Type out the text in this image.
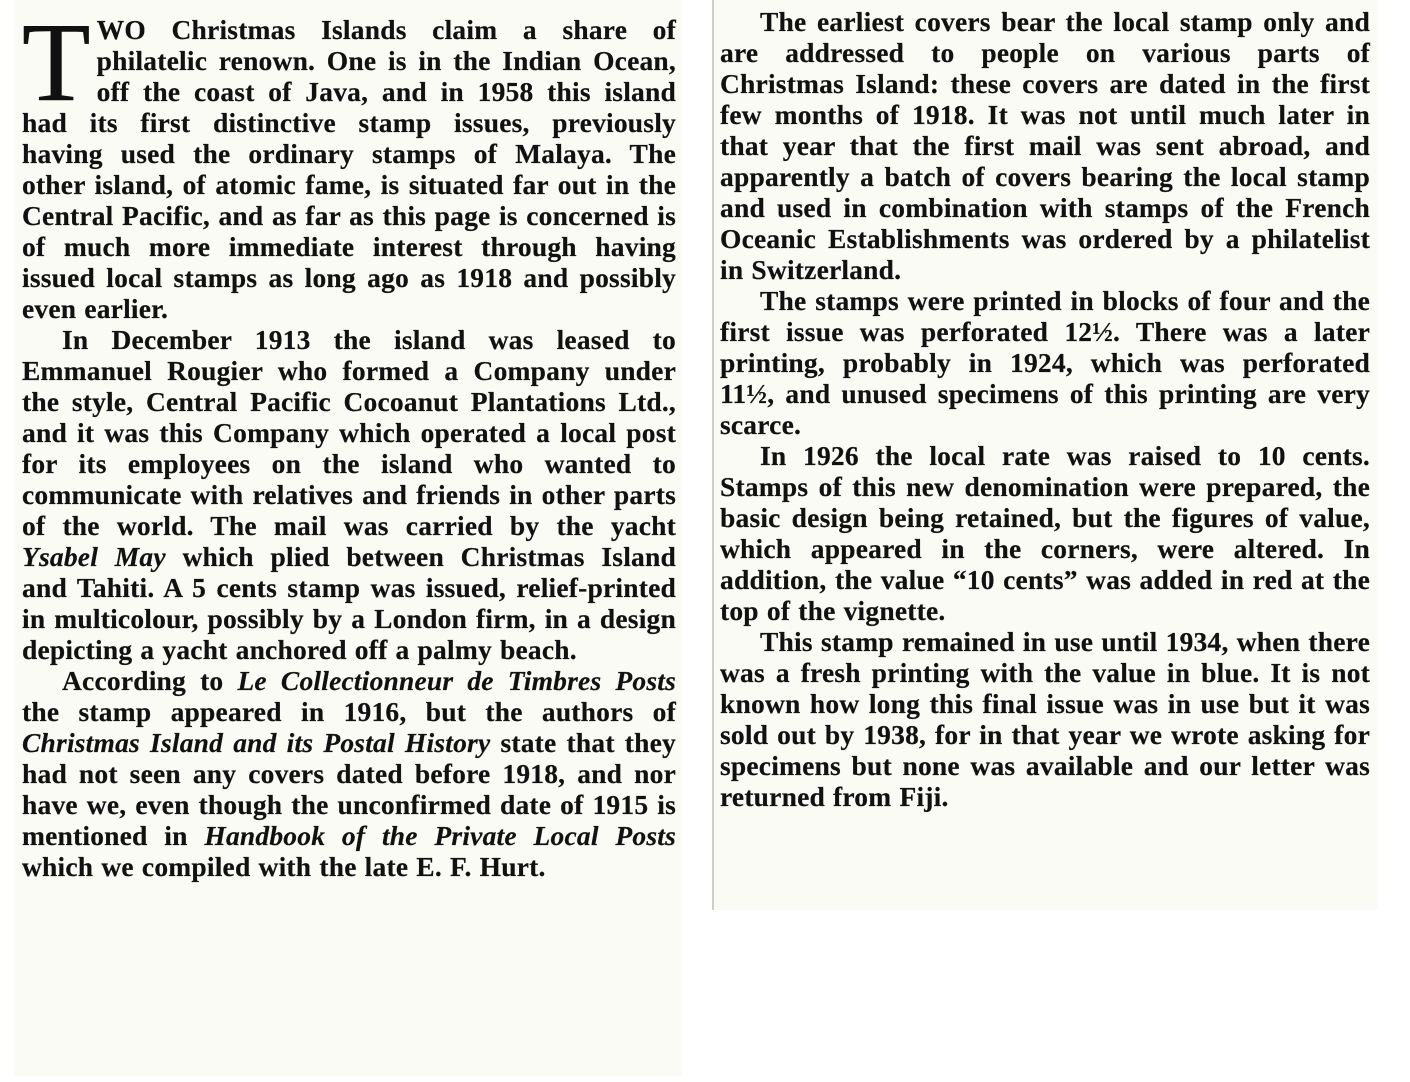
TWO Christmas Islands claim a share of philatelic renown. One is in the Indian Ocean, off the coast of Java, and in 1958 this island had its first distinctive stamp issues, previously having used the ordinary stamps of Malaya. The other island, of atomic fame, is situated far out in the Central Pacific, and as far as this page is concerned is of much more immediate interest through having issued local stamps as long ago as 1918 and possibly even earlier.

In December 1913 the island was leased to Emmanuel Rougier who formed a Company under the style, Central Pacific Cocoanut Plantations Ltd., and it was this Company which operated a local post for its employees on the island who wanted to communicate with relatives and friends in other parts of the world. The mail was carried by the yacht Ysabel May which plied between Christmas Island and Tahiti. A 5 cents stamp was issued, relief-printed in multicolour, possibly by a London firm, in a design depicting a yacht anchored off a palmy beach.

According to Le Collectionneur de Timbres Posts the stamp appeared in 1916, but the authors of Christmas Island and its Postal History state that they had not seen any covers dated before 1918, and nor have we, even though the unconfirmed date of 1915 is mentioned in Handbook of the Private Local Posts which we compiled with the late E. F. Hurt.

The earliest covers bear the local stamp only and are addressed to people on various parts of Christmas Island: these covers are dated in the first few months of 1918. It was not until much later in that year that the first mail was sent abroad, and apparently a batch of covers bearing the local stamp and used in combination with stamps of the French Oceanic Establishments was ordered by a philatelist in Switzerland.

The stamps were printed in blocks of four and the first issue was perforated 12½. There was a later printing, probably in 1924, which was perforated 11½, and unused specimens of this printing are very scarce.

In 1926 the local rate was raised to 10 cents. Stamps of this new denomination were prepared, the basic design being retained, but the figures of value, which appeared in the corners, were altered. In addition, the value “10 cents” was added in red at the top of the vignette.

This stamp remained in use until 1934, when there was a fresh printing with the value in blue. It is not known how long this final issue was in use but it was sold out by 1938, for in that year we wrote asking for specimens but none was available and our letter was returned from Fiji.
